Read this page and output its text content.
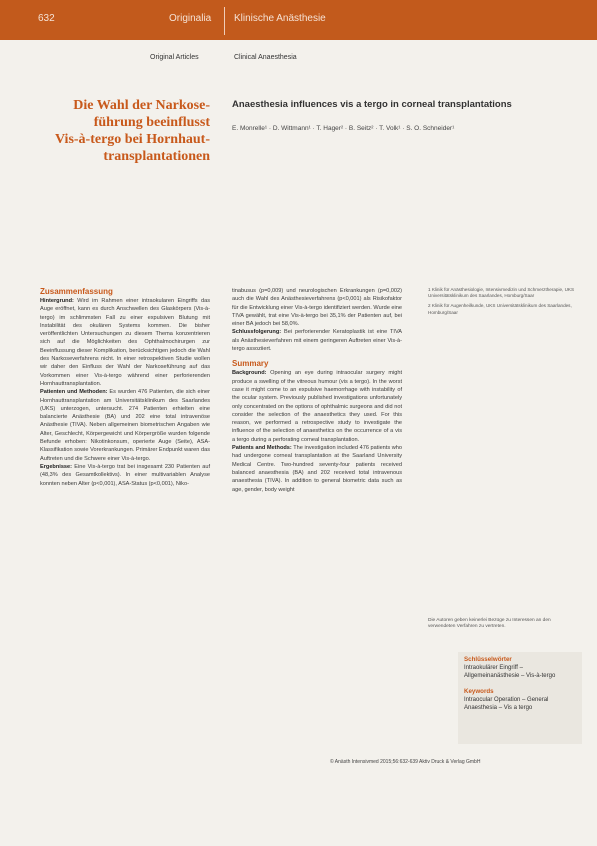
632	Originalia Klinische Anästhesie
Original Articles	Clinical Anaesthesia
Die Wahl der Narkose-
führung beeinflusst
Vis-à-tergo bei Hornhaut-
transplantationen
Anaesthesia influences vis a tergo in corneal transplantations
E. Monrelle¹ · D. Wittmann¹ · T. Hager² · B. Seitz² · T. Volk¹ · S. O. Schneider¹

Zusammenfassung

Hintergrund: Wird im Rahmen einer intraokularen Eingriffs das Auge eröffnet, kann es durch Anschwellen des Glaskörpers (Vis-à-tergo) im schlimmsten Fall zu einer expulsiven Blutung mit Instabilität des okulären Systems kommen. Die bisher veröffentlichten Untersuchungen zu diesem Thema konzentrieren sich auf die Möglichkeiten des Ophthalmochirurgen zur Beeinflussung dieser Komplikation, berücksichtigen jedoch die Wahl des Narkoseverfahrens nicht. In einer retrospektiven Studie wollen wir daher den Einfluss der Wahl der Narkoseführung auf das Vorkommen einer Vis-à-tergo während einer perforierenden Hornhauttransplantation.

Patienten und Methoden: Es wurden 476 Patienten, die sich einer Hornhauttransplantation am Universitätsklinikum des Saarlandes (UKS) unterzogen, untersucht. 274 Patienten erhielten eine balancierte Anästhesie (BA) und 202 eine total intravenöse Anästhesie (TIVA). Neben allgemeinen biometrischen Angaben wie Alter, Geschlecht, Körpergewicht und Körpergröße wurden folgende Befunde erhoben: Nikotinkonsum, operierte Auge (Seite), ASA-Klassifikation sowie Vorerkrankungen. Primärer Endpunkt waren das Auftreten und die Schwere einer Vis-à-tergo.

Ergebnisse: Eine Vis-à-tergo trat bei insgesamt 230 Patienten auf (48,3% des Gesamtkollektivs). In einer multivariablen Analyse konnten neben Alter (p<0,001), ASA-Status (p<0,001), Niko-

tinabusus (p=0,009) und neurologischen Erkrankungen (p=0,002) auch die Wahl des Anästhesieverfahrens (p<0,001) als Risikofaktor für die Entwicklung einer Vis-à-tergo identifiziert werden. Wurde eine TIVA gewählt, trat eine Vis-à-tergo bei 35,1% der Patienten auf, bei einer BA jedoch bei 58,0%.

Schlussfolgerung: Bei perforierender Keratoplastik ist eine TIVA als Anästhesieverfahren mit einem geringeren Auftreten einer Vis-à-tergo assoziiert.

Summary

Background: Opening an eye during intraocular surgery might produce a swelling of the vitreous humour (vis a tergo). In the worst case it might come to an expulsive haemorrhage with instability of the ocular system. Previously published investigations unfortunately only concentrated on the options of ophthalmic surgeons and did not consider the selection of the anaesthetics they used. For this reason, we performed a retrospective study to investigate the influence of the selection of anaesthetics on the occurrence of a vis a tergo during a perforating corneal transplantation.

Patients and Methods: The investigation included 476 patients who had undergone corneal transplantation at the Saarland University Medical Centre. Two-hundred seventy-four patients received balanced anaesthesia (BA) and 202 received total intravenous anaesthesia (TIVA). In addition to general biometric data such as age, gender, body weight

1 Klinik für Anästhesiologie, Intensivmedizin und Schmerztherapie, UKS Universitätsklinikum des Saarlandes, Homburg/Saar

2 Klinik für Augenheilkunde, UKS Universitätsklinikum des Saarlandes, Homburg/Saar

Die Autoren geben keinerlei Bezüge zu Interessen an den verwendeten Verfahren zu vertreten.

Schlüsselwörter

Intraokulärer Eingriff – Allgemeinanästhesie – Vis-à-tergo

Keywords

Intraocular Operation – General Anaesthesia – Vis a tergo

© Anästh Intensivmed 2015;56:632-639 Aktiv Druck & Verlag GmbH
